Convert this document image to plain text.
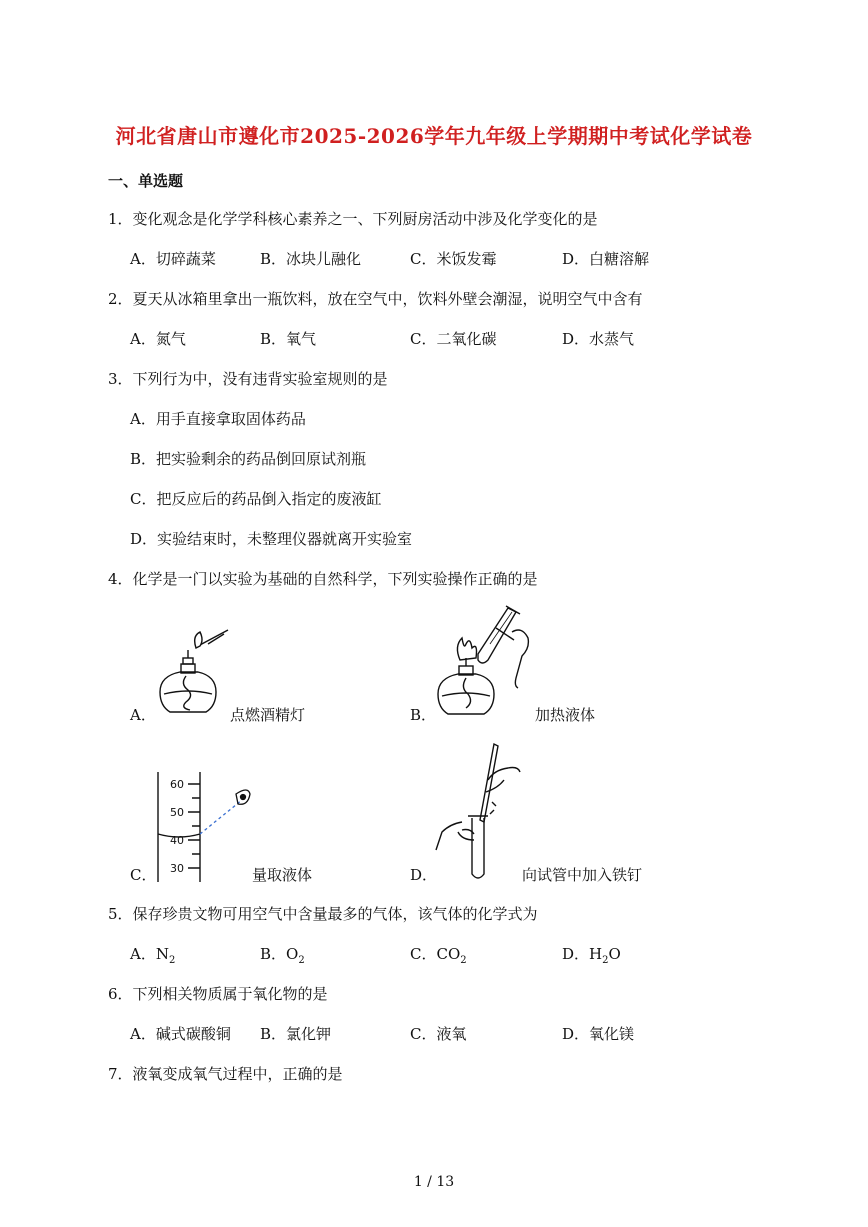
河北省唐山市遵化市2025-2026学年九年级上学期期中考试化学试卷
一、单选题
1．变化观念是化学学科核心素养之一、下列厨房活动中涉及化学变化的是
A．切碎蔬菜	B．冰块儿融化	C．米饭发霉	D．白糖溶解
2．夏天从冰箱里拿出一瓶饮料，放在空气中，饮料外壁会潮湿，说明空气中含有
A．氮气	B．氧气	C．二氧化碳	D．水蒸气
3．下列行为中，没有违背实验室规则的是
A．用手直接拿取固体药品
B．把实验剩余的药品倒回原试剂瓶
C．把反应后的药品倒入指定的废液缸
D．实验结束时，未整理仪器就离开实验室
4．化学是一门以实验为基础的自然科学，下列实验操作正确的是
A．	点燃酒精灯	B．	加热液体
60
50
40
30
C．	量取液体	D．	向试管中加入铁钉
5．保存珍贵文物可用空气中含量最多的气体，该气体的化学式为
A．$N_2$	B．$O_2$	C．$CO_2$	D．$H_2O$
6．下列相关物质属于氧化物的是
A．碱式碳酸铜 B．氯化钾	C．液氧	D．氧化镁
7．液氧变成氧气过程中，正确的是
1 / 13
